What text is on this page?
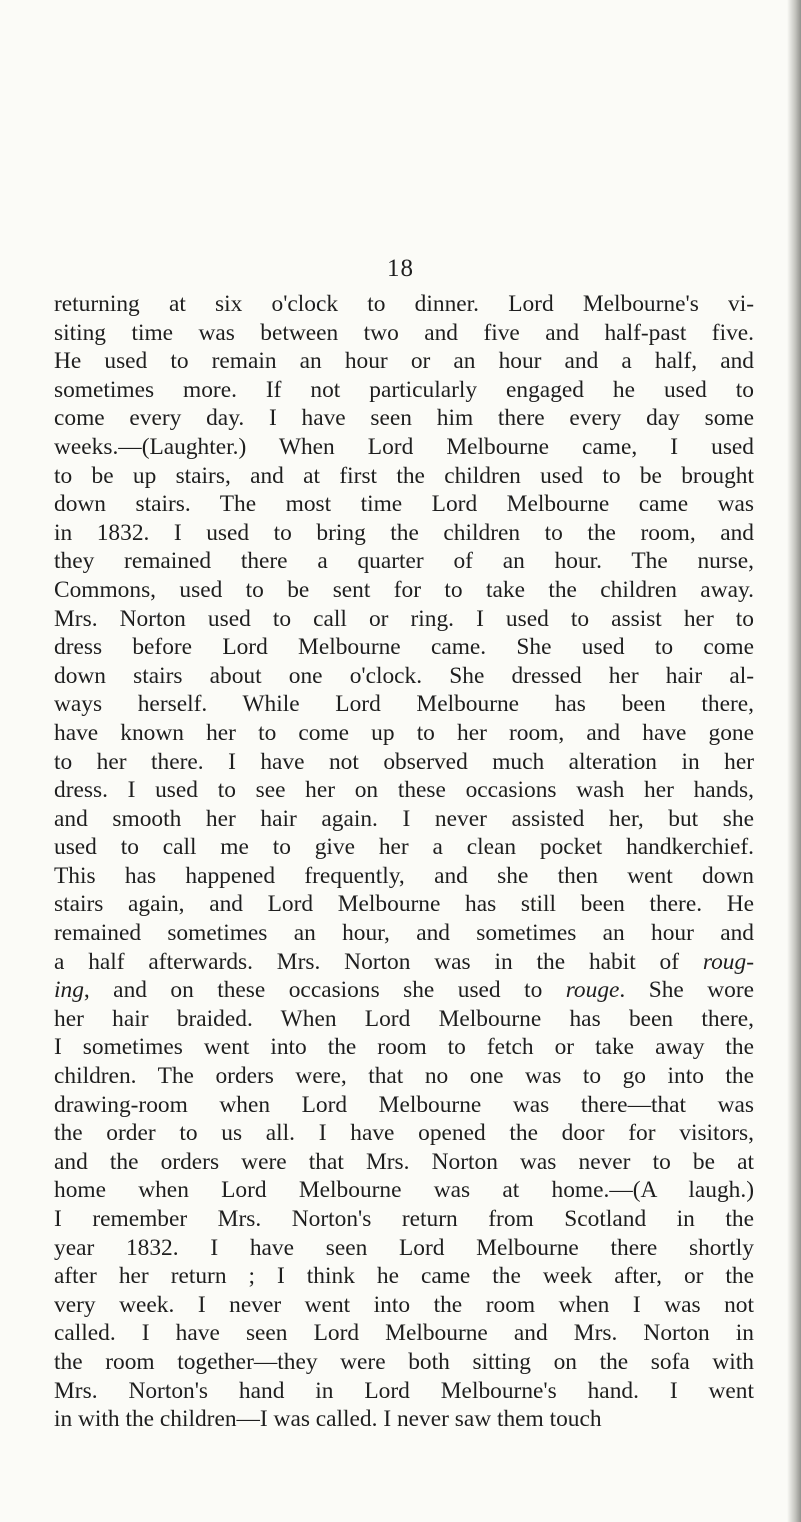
18
returning at six o'clock to dinner. Lord Melbourne's vi-
siting time was between two and five and half-past five.
He used to remain an hour or an hour and a half, and
sometimes more. If not particularly engaged he used to
come every day. I have seen him there every day some
weeks.—(Laughter.) When Lord Melbourne came, I used
to be up stairs, and at first the children used to be brought
down stairs. The most time Lord Melbourne came was
in 1832. I used to bring the children to the room, and
they remained there a quarter of an hour. The nurse,
Commons, used to be sent for to take the children away.
Mrs. Norton used to call or ring. I used to assist her to
dress before Lord Melbourne came. She used to come
down stairs about one o'clock. She dressed her hair al-
ways herself. While Lord Melbourne has been there,
have known her to come up to her room, and have gone
to her there. I have not observed much alteration in her
dress. I used to see her on these occasions wash her hands,
and smooth her hair again. I never assisted her, but she
used to call me to give her a clean pocket handkerchief.
This has happened frequently, and she then went down
stairs again, and Lord Melbourne has still been there. He
remained sometimes an hour, and sometimes an hour and
a half afterwards. Mrs. Norton was in the habit of roug-
ing, and on these occasions she used to rouge. She wore
her hair braided. When Lord Melbourne has been there,
I sometimes went into the room to fetch or take away the
children. The orders were, that no one was to go into the
drawing-room when Lord Melbourne was there—that was
the order to us all. I have opened the door for visitors,
and the orders were that Mrs. Norton was never to be at
home when Lord Melbourne was at home.—(A laugh.)
I remember Mrs. Norton's return from Scotland in the
year 1832. I have seen Lord Melbourne there shortly
after her return ; I think he came the week after, or the
very week. I never went into the room when I was not
called. I have seen Lord Melbourne and Mrs. Norton in
the room together—they were both sitting on the sofa with
Mrs. Norton's hand in Lord Melbourne's hand. I went
in with the children—I was called. I never saw them touch
